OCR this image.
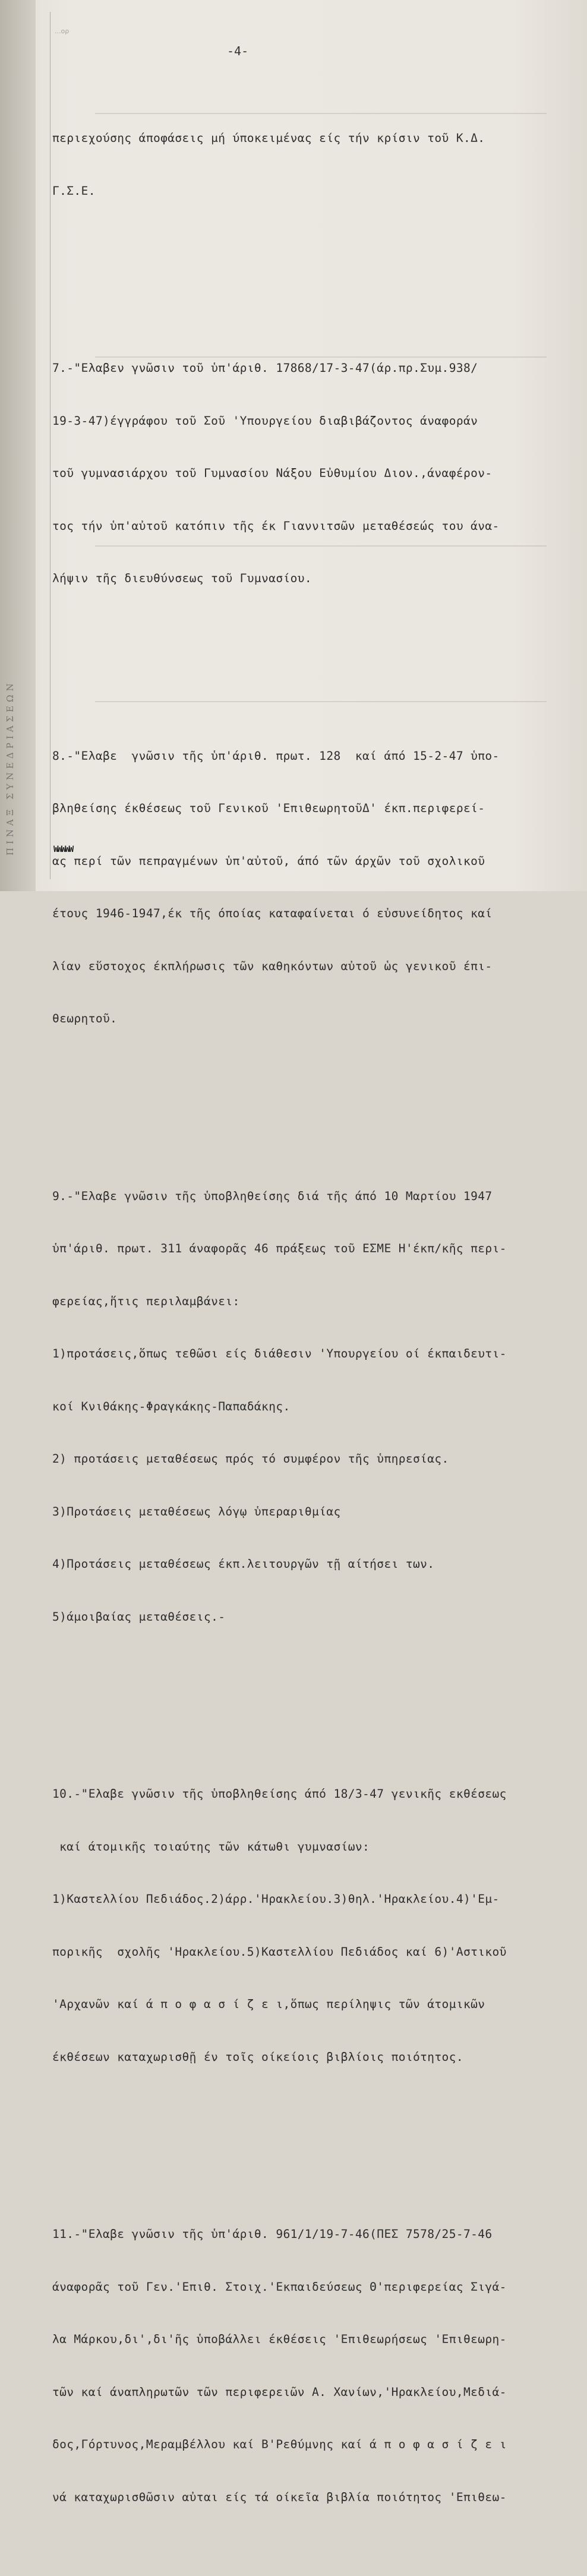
ΠΙΝΑΞ ΣΥΝΕΔΡΙΑΣΕΩΝ
...ορ
-4-

περιεχούσης άποφάσεις μή ύποκειμένας είς τήν κρίσιν τοῦ Κ.Δ.

Γ.Σ.Ε.

7.-"Ελαβεν γνῶσιν τοῦ ὑπ'άριθ. 17868/17-3-47(άρ.πρ.Συμ.938/

19-3-47)έγγράφου τοῦ Σοῦ 'Υπουργείου διαβιβάζοντος άναφοράν

τοῦ γυμνασιάρχου τοῦ Γυμνασίου Νάξου Εὐθυμίου Διον.,άναφέρον-

τος τήν ὑπ'αὐτοῦ κατόπιν τῆς έκ Γιαννιτσῶν μεταθέσεώς του άνα-

λήψιν τῆς διευθύνσεως τοῦ Γυμνασίου.

8.-"Ελαβε  γνῶσιν τῆς ὑπ'άριθ. πρωτ. 128  καί άπό 15-2-47 ὑπο-

βληθείσης έκθέσεως τοῦ Γενικοῦ 'ΕπιθεωρητοῦΔ' έκπ.περιφερεί-

ας περί τῶν πεπραγμένων ὑπ'αὐτοῦ, άπό τῶν άρχῶν τοῦ σχολικοῦ

έτους 1946-1947,έκ τῆς όποίας καταφαίνεται ό εὐσυνείδητος καί

λίαν εὕστοχος έκπλήρωσις τῶν καθηκόντων αὐτοῦ ὡς γενικοῦ έπι-

θεωρητοῦ.

9.-"Ελαβε γνῶσιν τῆς ὑποβληθείσης διά τῆς άπό 10 Μαρτίου 1947

ὑπ'άριθ. πρωτ. 311 άναφορᾶς 46 πράξεως τοῦ ΕΣΜΕ Η'έκπ/κῆς περι-

φερείας,ἥτις περιλαμβάνει:

1)προτάσεις,ὅπως τεθῶσι είς διάθεσιν 'Υπουργείου οί έκπαιδευτι-

κοί Κνιθάκης-Φραγκάκης-Παπαδάκης.

2) προτάσεις μεταθέσεως πρός τό συμφέρον τῆς ὑπηρεσίας.

3)Προτάσεις μεταθέσεως λόγῳ ὑπεραριθμίας

4)Προτάσεις μεταθέσεως έκπ.λειτουργῶν τῇ αίτήσει των.

5)άμοιβαίας μεταθέσεις.-

10.-"Ελαβε γνῶσιν τῆς ὑποβληθείσης άπό 18/3-47 γενικῆς εκθέσεως

καί άτομικῆς τοιαύτης τῶν κάτωθι γυμνασίων:

1)Καστελλίου Πεδιάδος.2)άρρ.'Ηρακλείου.3)θηλ.'Ηρακλείου.4)'Εμ-

πορικῆς  σχολῆς 'Ηρακλείου.5)Καστελλίου Πεδιάδος καί 6)'Αστικοῦ

'Αρχανῶν καί ά π ο φ α σ ί ζ ε ι,ὅπως περίληψις τῶν άτομικῶν

έκθέσεων καταχωρισθῇ έν τοῖς οίκείοις βιβλίοις ποιότητος.

11.-"Ελαβε γνῶσιν τῆς ὑπ'άριθ. 961/1/19-7-46(ΠΕΣ 7578/25-7-46

άναφορᾶς τοῦ Γεν.'Επιθ. Στοιχ.'Εκπαιδεύσεως Θ'περιφερείας Σιγά-

λα Μάρκου,δι',δι'ῆς ὑποβάλλει έκθέσεις 'Επιθεωρήσεως 'Επιθεωρη-

τῶν καί άναπληρωτῶν τῶν περιφερειῶν Α. Χανίων,'Ηρακλείου,Μεδιά-

δος,Γόρτυνος,Μεραμβέλλου καί Β'Ρεθύμνης καί ά π ο φ α σ ί ζ ε ι

νά καταχωρισθῶσιν αὐται είς τά οίκεῖα βιβλία ποιότητος 'Επιθεω-

WWWWW
